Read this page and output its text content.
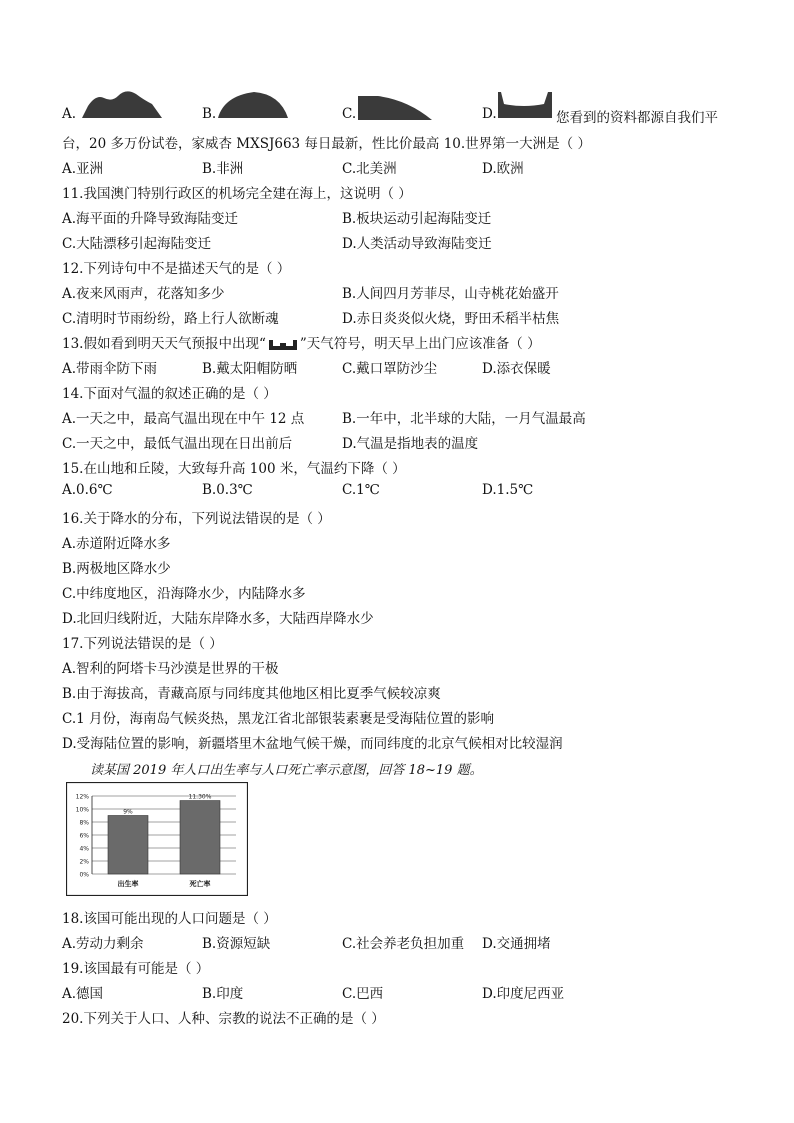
A.	B.	C.	D.	您看到的资料都源自我们平
台，20 多万份试卷，家威杏 MXSJ663 每日最新，性比价最高 10.世界第一大洲是（ ）
A.亚洲	B.非洲	C.北美洲	D.欧洲
11.我国澳门特别行政区的机场完全建在海上，这说明（ ）
A.海平面的升降导致海陆变迁	B.板块运动引起海陆变迁
C.大陆漂移引起海陆变迁	D.人类活动导致海陆变迁
12.下列诗句中不是描述天气的是（ ）
A.夜来风雨声，花落知多少	B.人间四月芳菲尽，山寺桃花始盛开
C.清明时节雨纷纷，路上行人欲断魂	D.赤日炎炎似火烧，野田禾稻半枯焦
13.假如看到明天天气预报中出现“	”天气符号，明天早上出门应该准备（ ）
A.带雨伞防下雨	B.戴太阳帽防晒	C.戴口罩防沙尘	D.添衣保暖
14.下面对气温的叙述正确的是（ ）
A.一天之中，最高气温出现在中午 12 点	B.一年中，北半球的大陆，一月气温最高
C.一天之中，最低气温出现在日出前后	D.气温是指地表的温度
15.在山地和丘陵，大致每升高 100 米，气温约下降（ ）
A.0.6℃	B.0.3℃	C.1℃	D.1.5℃
16.关于降水的分布，下列说法错误的是（ ）
A.赤道附近降水多
B.两极地区降水少
C.中纬度地区，沿海降水少，内陆降水多
D.北回归线附近，大陆东岸降水多，大陆西岸降水少
17.下列说法错误的是（ ）
A.智利的阿塔卡马沙漠是世界的干极
B.由于海拔高，青藏高原与同纬度其他地区相比夏季气候较凉爽
C.1 月份，海南岛气候炎热，黑龙江省北部银装素裹是受海陆位置的影响
D.受海陆位置的影响，新疆塔里木盆地气候干燥，而同纬度的北京气候相对比较湿润
读某国 2019 年人口出生率与人口死亡率示意图，回答 18~19 题。
0%
2%
4%
6%
8%
10%
12%
9%
出生率
11.30%
死亡率
18.该国可能出现的人口问题是（ ）
A.劳动力剩余	B.资源短缺	C.社会养老负担加重 D.交通拥堵
19.该国最有可能是（ ）
A.德国	B.印度	C.巴西	D.印度尼西亚
20.下列关于人口、人种、宗教的说法不正确的是（ ）
